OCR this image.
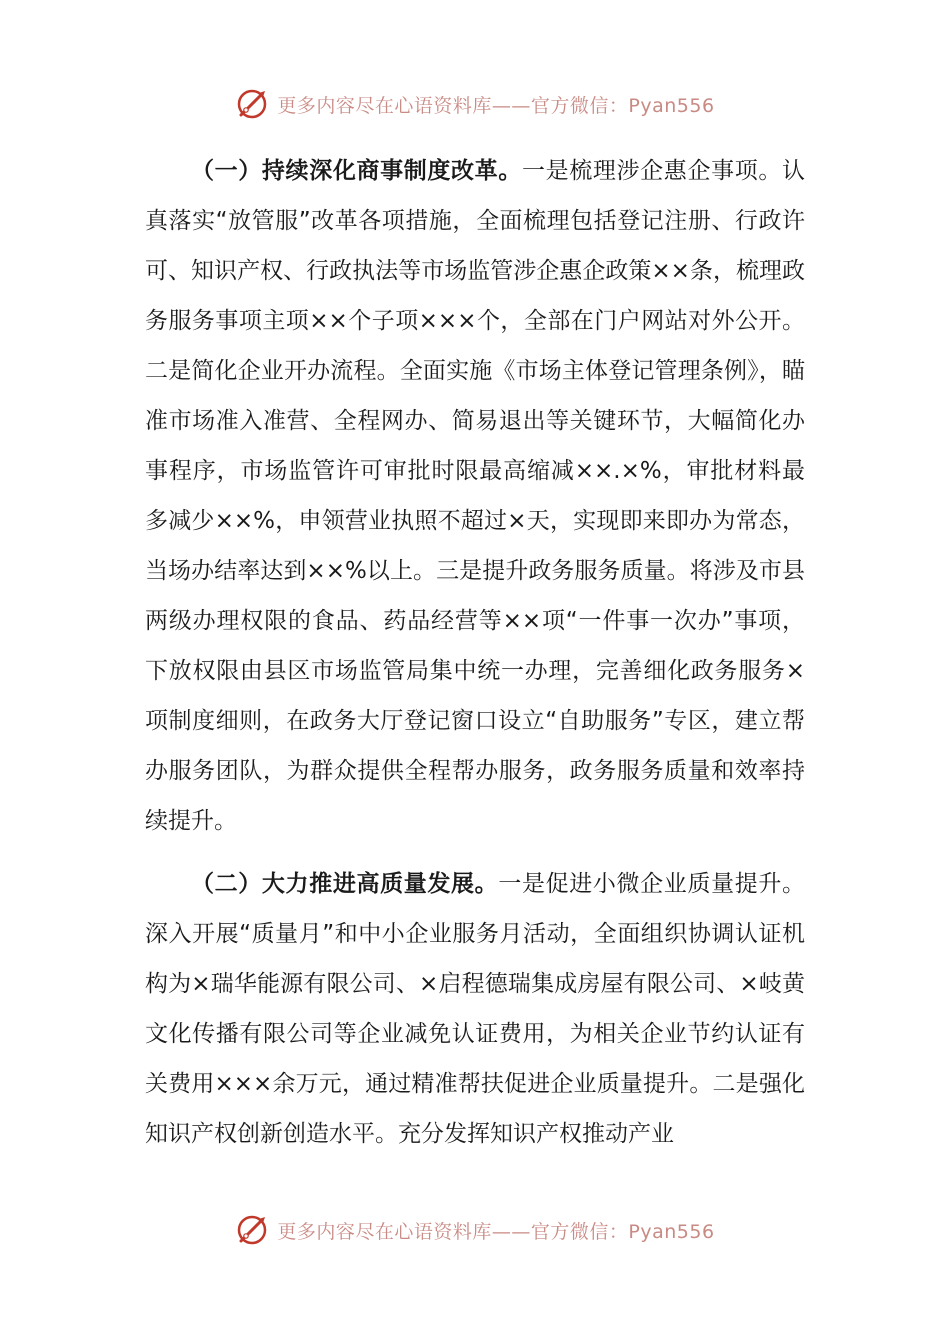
更多内容尽在心语资料库——官方微信：Pyan556

（一）持续深化商事制度改革。一是梳理涉企惠企事项。认真落实“放管服”改革各项措施，全面梳理包括登记注册、行政许可、知识产权、行政执法等市场监管涉企惠企政策××条，梳理政务服务事项主项××个子项×××个，全部在门户网站对外公开。二是简化企业开办流程。全面实施《市场主体登记管理条例》，瞄准市场准入准营、全程网办、简易退出等关键环节，大幅简化办事程序，市场监管许可审批时限最高缩减××.×%，审批材料最多减少××%，申领营业执照不超过×天，实现即来即办为常态，当场办结率达到××%以上。三是提升政务服务质量。将涉及市县两级办理权限的食品、药品经营等××项“一件事一次办”事项，下放权限由县区市场监管局集中统一办理，完善细化政务服务×项制度细则，在政务大厅登记窗口设立“自助服务”专区，建立帮办服务团队，为群众提供全程帮办服务，政务服务质量和效率持续提升。

（二）大力推进高质量发展。一是促进小微企业质量提升。深入开展“质量月”和中小企业服务月活动，全面组织协调认证机构为×瑞华能源有限公司、×启程德瑞集成房屋有限公司、×岐黄文化传播有限公司等企业减免认证费用，为相关企业节约认证有关费用×××余万元，通过精准帮扶促进企业质量提升。二是强化知识产权创新创造水平。充分发挥知识产权推动产业

更多内容尽在心语资料库——官方微信：Pyan556
